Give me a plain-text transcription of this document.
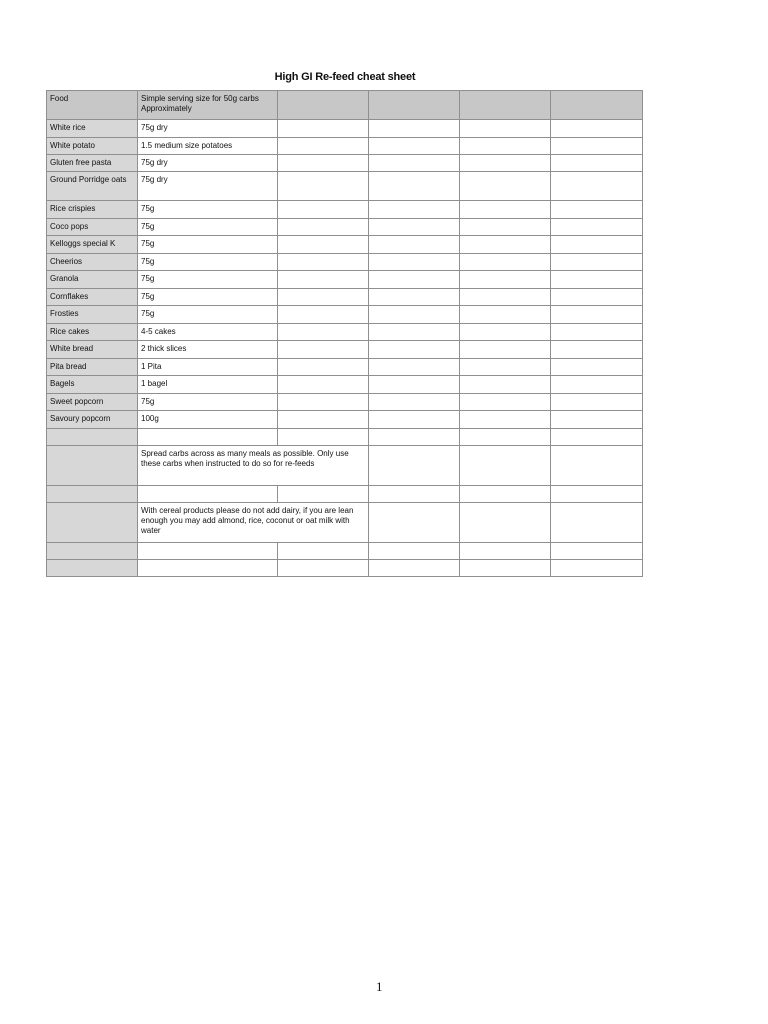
High GI Re-feed cheat sheet
Food	Simple serving size for 50g carbs Approximately				
White rice	75g dry				
White potato	1.5 medium size potatoes				
Gluten free pasta	75g dry				
Ground Porridge oats	75g dry				
Rice crispies	75g				
Coco pops	75g				
Kelloggs special K	75g				
Cheerios	75g				
Granola	75g				
Cornflakes	75g				
Frosties	75g				
Rice cakes	4-5 cakes				
White bread	2 thick slices				
Pita bread	1 Pita				
Bagels	1 bagel				
Sweet popcorn	75g				
Savoury popcorn	100g				

	Spread carbs across as many meals as possible. Only use these carbs when instructed to do so for re-feeds				

	With cereal products please do not add dairy, if you are lean enough you may add almond, rice, coconut or oat milk with water				

1
